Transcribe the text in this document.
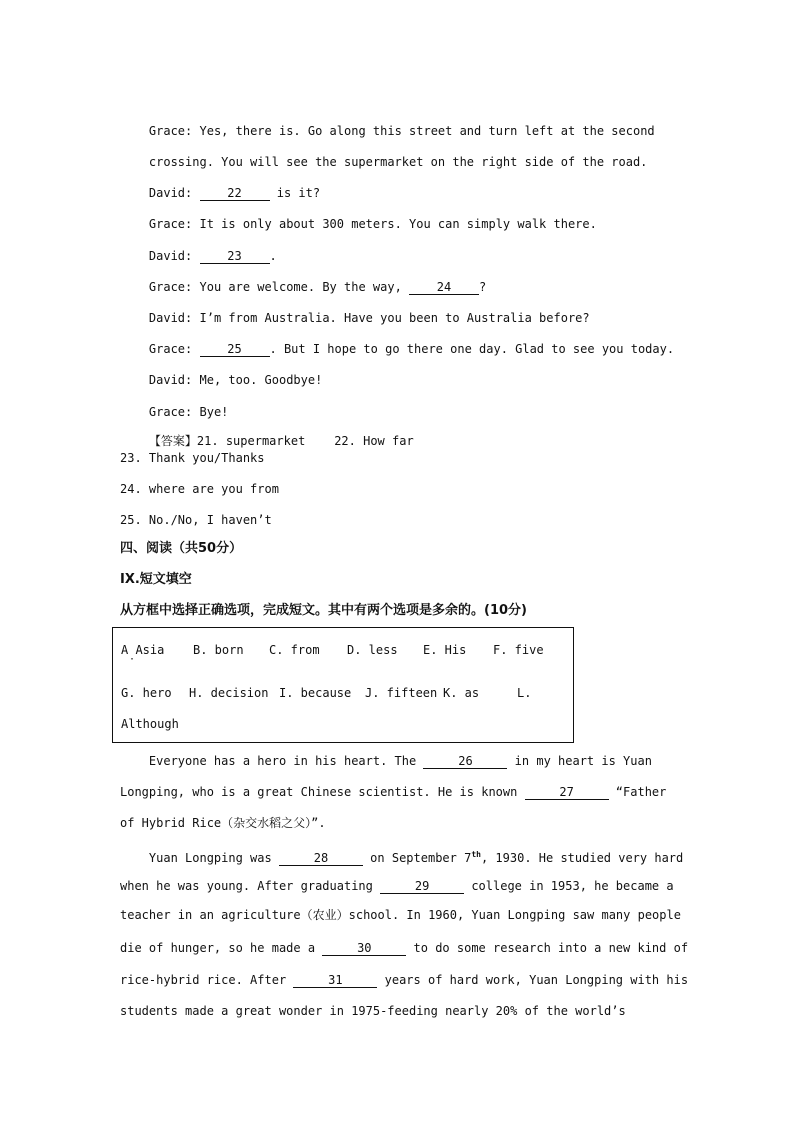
Grace: Yes, there is. Go along this street and turn left at the second

crossing. You will see the supermarket on the right side of the road.

David:	22 is it?

Grace: It is only about 300 meters. You can simply walk there.

David:	23 .

Grace: You are welcome. By the way, 24 ?

David: I’m from Australia. Have you been to Australia before?

Grace:	25 . But I hope to go there one day. Glad to see you today.

David: Me, too. Goodbye!

Grace: Bye!

【答案】21. supermarket 22. How far

23. Thank you/Thanks
24. where are you from
25. No./No, I haven’t
四、阅读（共50分）
IX.短文填空
从方框中选择正确选项，完成短文。其中有两个选项是多余的。(10分)
A Asia
·
B. born C. from D. less E. His F. five
G. hero H. decision I. because J. fifteen K. as	L.
Although
Everyone has a hero in his heart. The	26	in my heart is Yuan
Longping, who is a great Chinese scientist. He is known	27	“Father
of Hybrid Rice（杂交水稻之父）”.
Yuan Longping was	28	on September 7th, 1930. He studied very hard
when he was young. After graduating	29	college in 1953, he became a
teacher in an agriculture（农业）school. In 1960, Yuan Longping saw many people
die of hunger, so he made a	30	to do some research into a new kind of
rice-hybrid rice. After	31	years of hard work, Yuan Longping with his
students made a great wonder in 1975-feeding nearly 20% of the world’s
